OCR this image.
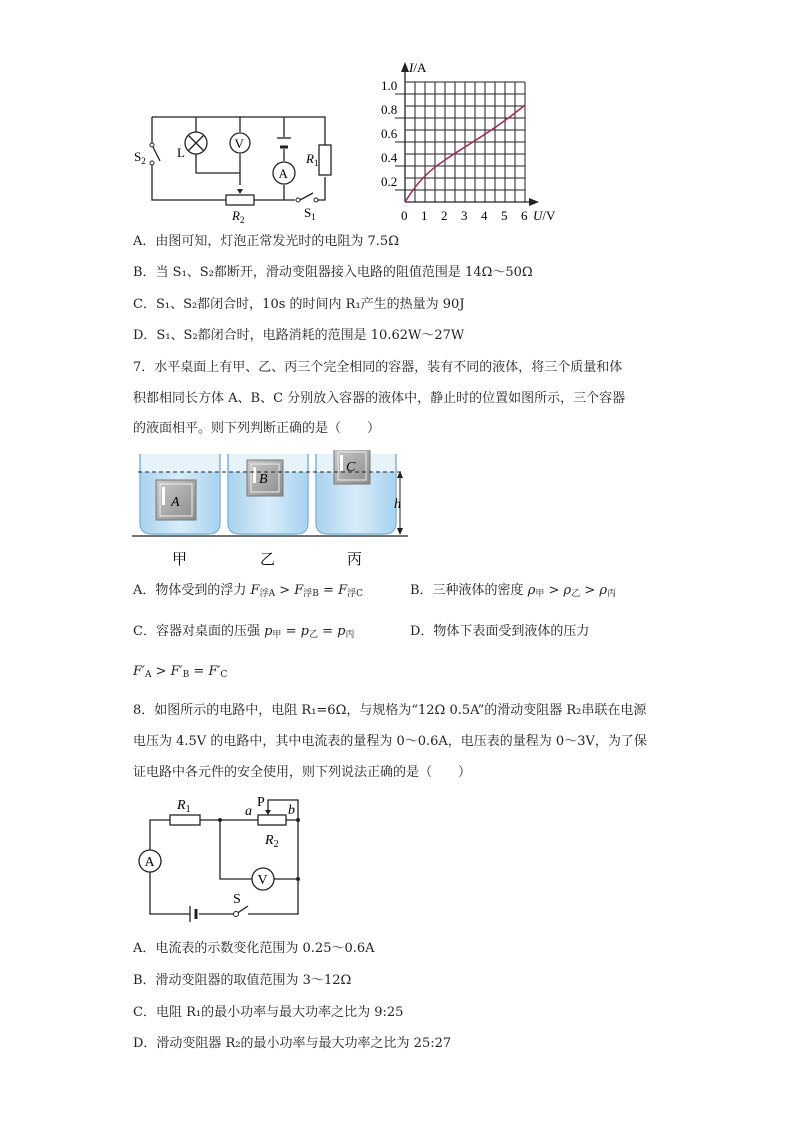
$S_2$
L
V
A
$R_1$
$R_2$	$S_1$
I/A
U/V
0.2
0.4
0.6
0.8
1.0
0 1 2 3 4 5 6
A．由图可知，灯泡正常发光时的电阻为 7.5Ω
B．当 S₁、S₂都断开，滑动变阻器接入电路的阻值范围是 14Ω～50Ω
C．S₁、S₂都闭合时，10s 的时间内 R₁产生的热量为 90J
D．S₁、S₂都闭合时，电路消耗的范围是 10.62W～27W
7．水平桌面上有甲、乙、丙三个完全相同的容器，装有不同的液体，将三个质量和体
积都相同长方体 A、B、C 分别放入容器的液体中，静止时的位置如图所示，三个容器
的液面相平。则下列判断正确的是（　　）
A
B
C
h
甲	乙	丙
A．物体受到的浮力 $F_{浮A} > F_{浮B} = F_{浮C}$	B．三种液体的密度 $\rho_甲 > \rho_乙 > \rho_丙$
C．容器对桌面的压强 $p_甲 = p_乙 = p_丙$	D．物体下表面受到液体的压力
$F'_A > F'_B = F'_C$
8．如图所示的电路中，电阻 R₁=6Ω，与规格为“12Ω 0.5A”的滑动变阻器 R₂串联在电源
电压为 4.5V 的电路中，其中电流表的量程为 0～0.6A，电压表的量程为 0～3V，为了保
证电路中各元件的安全使用，则下列说法正确的是（　　）
$R_1$	a
P
b
$R_2$
A
V
S
A．电流表的示数变化范围为 0.25～0.6A
B．滑动变阻器的取值范围为 3～12Ω
C．电阻 R₁的最小功率与最大功率之比为 9:25
D．滑动变阻器 R₂的最小功率与最大功率之比为 25:27
